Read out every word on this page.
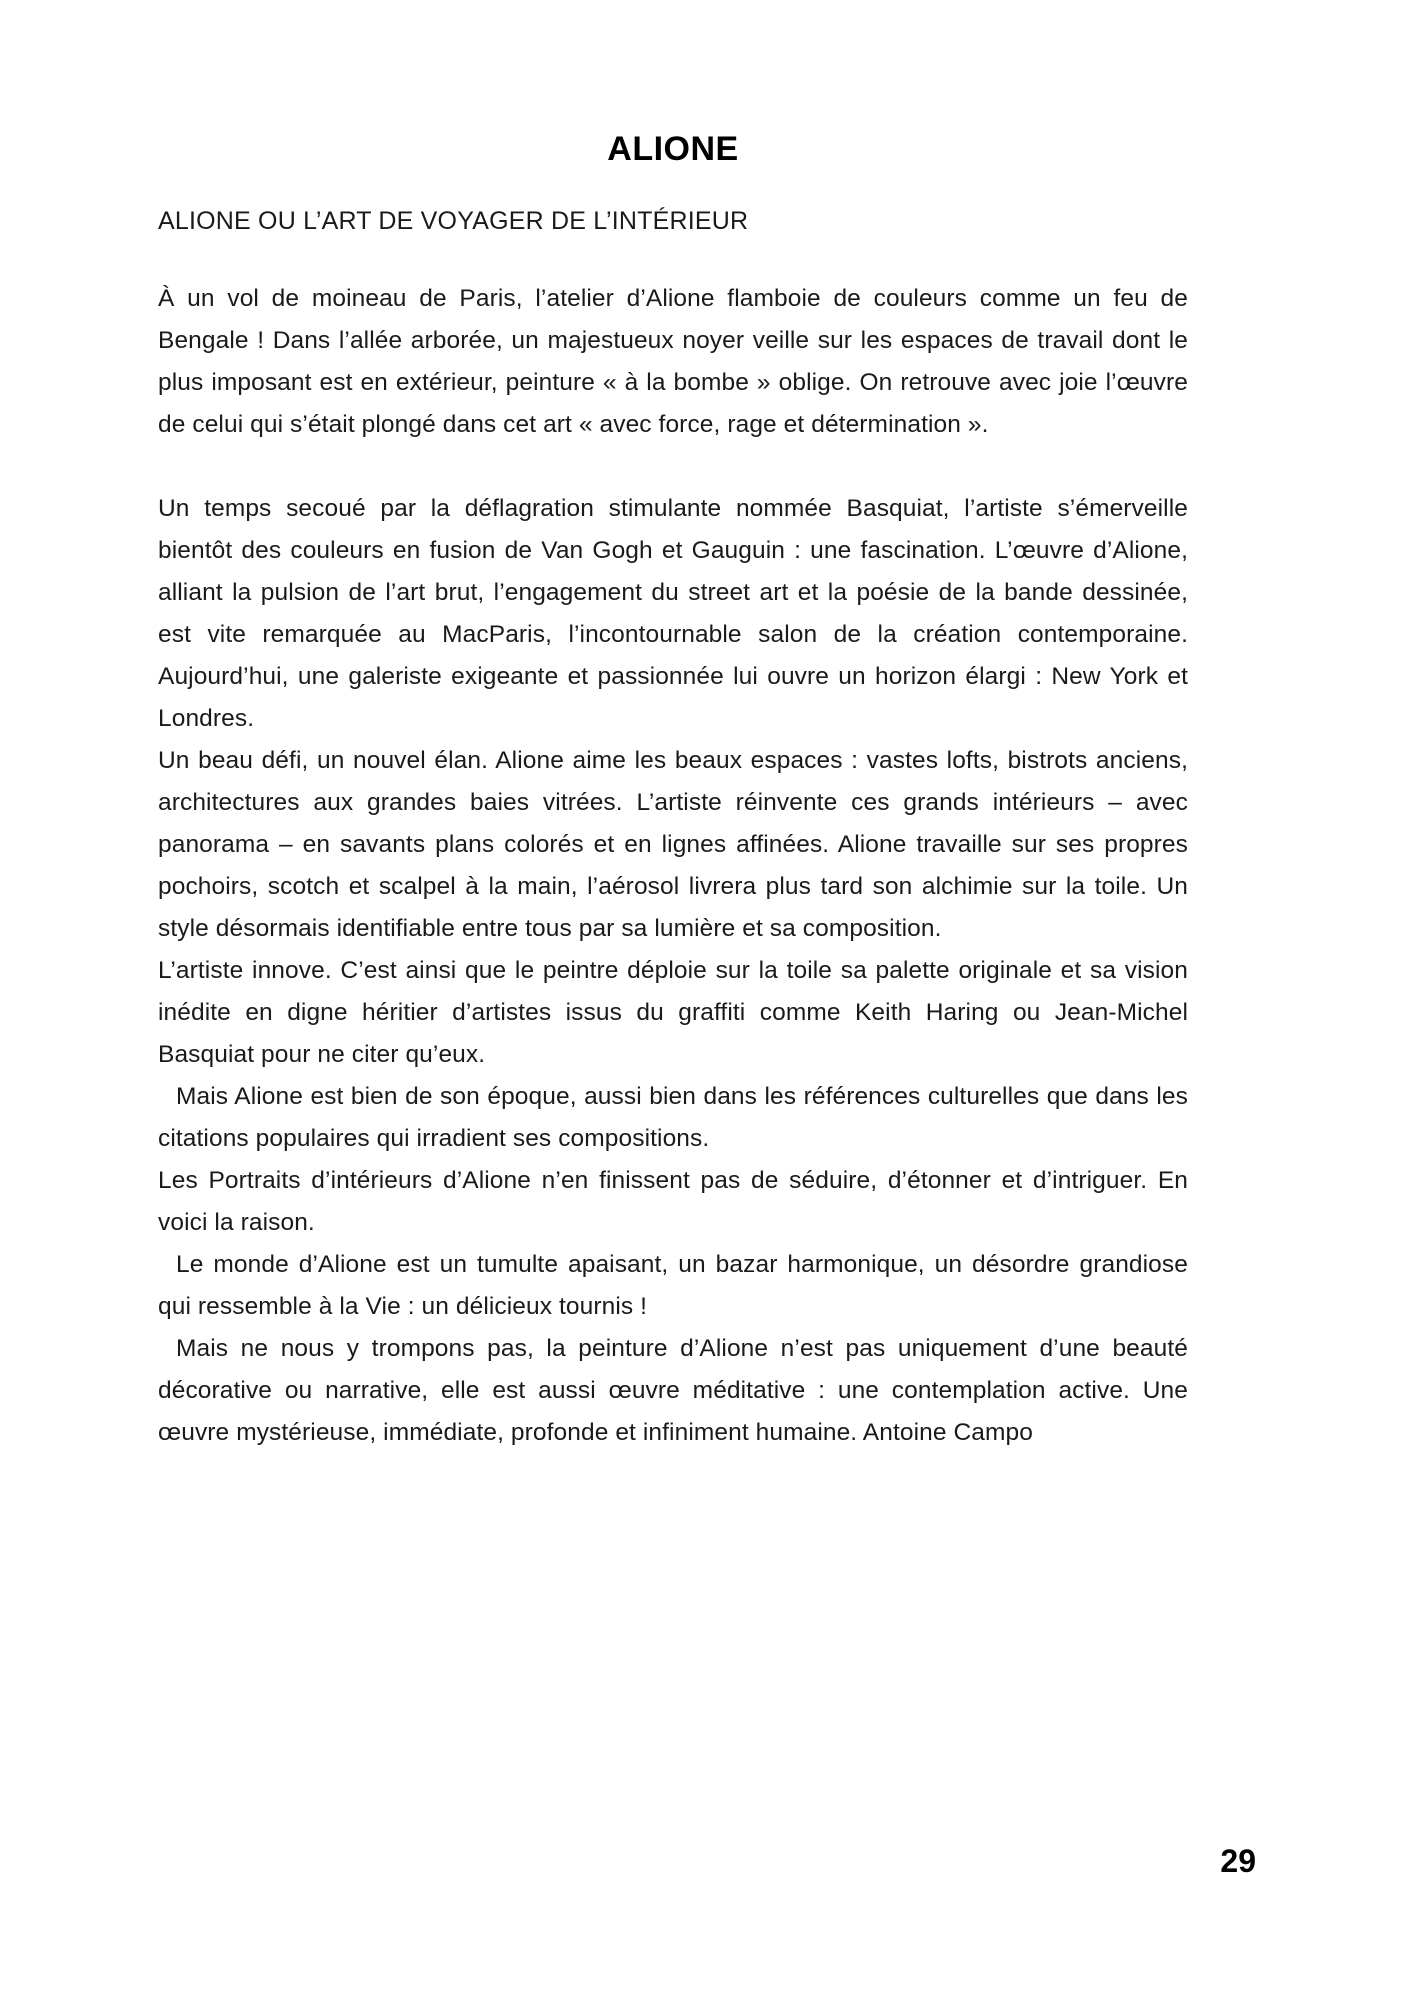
ALIONE
ALIONE OU L’ART DE VOYAGER DE L’INTÉRIEUR

À un vol de moineau de Paris, l’atelier d’Alione flamboie de couleurs comme un feu de Bengale ! Dans l’allée arborée, un majestueux noyer veille sur les espaces de travail dont le plus imposant est en extérieur, peinture « à la bombe » oblige. On retrouve avec joie l’œuvre de celui qui s’était plongé dans cet art « avec force, rage et détermination ».

Un temps secoué par la déflagration stimulante nommée Basquiat, l’artiste s’émerveille bientôt des couleurs en fusion de Van Gogh et Gauguin : une fascination. L’œuvre d’Alione, alliant la pulsion de l’art brut, l’engagement du street art et la poésie de la bande dessinée, est vite remarquée au MacParis, l’incontournable salon de la création contemporaine. Aujourd’hui, une galeriste exigeante et passionnée lui ouvre un horizon élargi : New York et Londres.

Un beau défi, un nouvel élan. Alione aime les beaux espaces : vastes lofts, bistrots anciens, architectures aux grandes baies vitrées. L’artiste réinvente ces grands intérieurs – avec panorama – en savants plans colorés et en lignes affinées. Alione travaille sur ses propres pochoirs, scotch et scalpel à la main, l’aérosol livrera plus tard son alchimie sur la toile. Un style désormais identifiable entre tous par sa lumière et sa composition.

L’artiste innove. C’est ainsi que le peintre déploie sur la toile sa palette originale et sa vision inédite en digne héritier d’artistes issus du graffiti comme Keith Haring ou Jean-Michel Basquiat pour ne citer qu’eux.

Mais Alione est bien de son époque, aussi bien dans les références culturelles que dans les citations populaires qui irradient ses compositions.

Les Portraits d’intérieurs d’Alione n’en finissent pas de séduire, d’étonner et d’intriguer. En voici la raison.

Le monde d’Alione est un tumulte apaisant, un bazar harmonique, un désordre grandiose qui ressemble à la Vie : un délicieux tournis !

Mais ne nous y trompons pas, la peinture d’Alione n’est pas uniquement d’une beauté décorative ou narrative, elle est aussi œuvre méditative : une contemplation active. Une œuvre mystérieuse, immédiate, profonde et infiniment humaine. Antoine Campo

29
